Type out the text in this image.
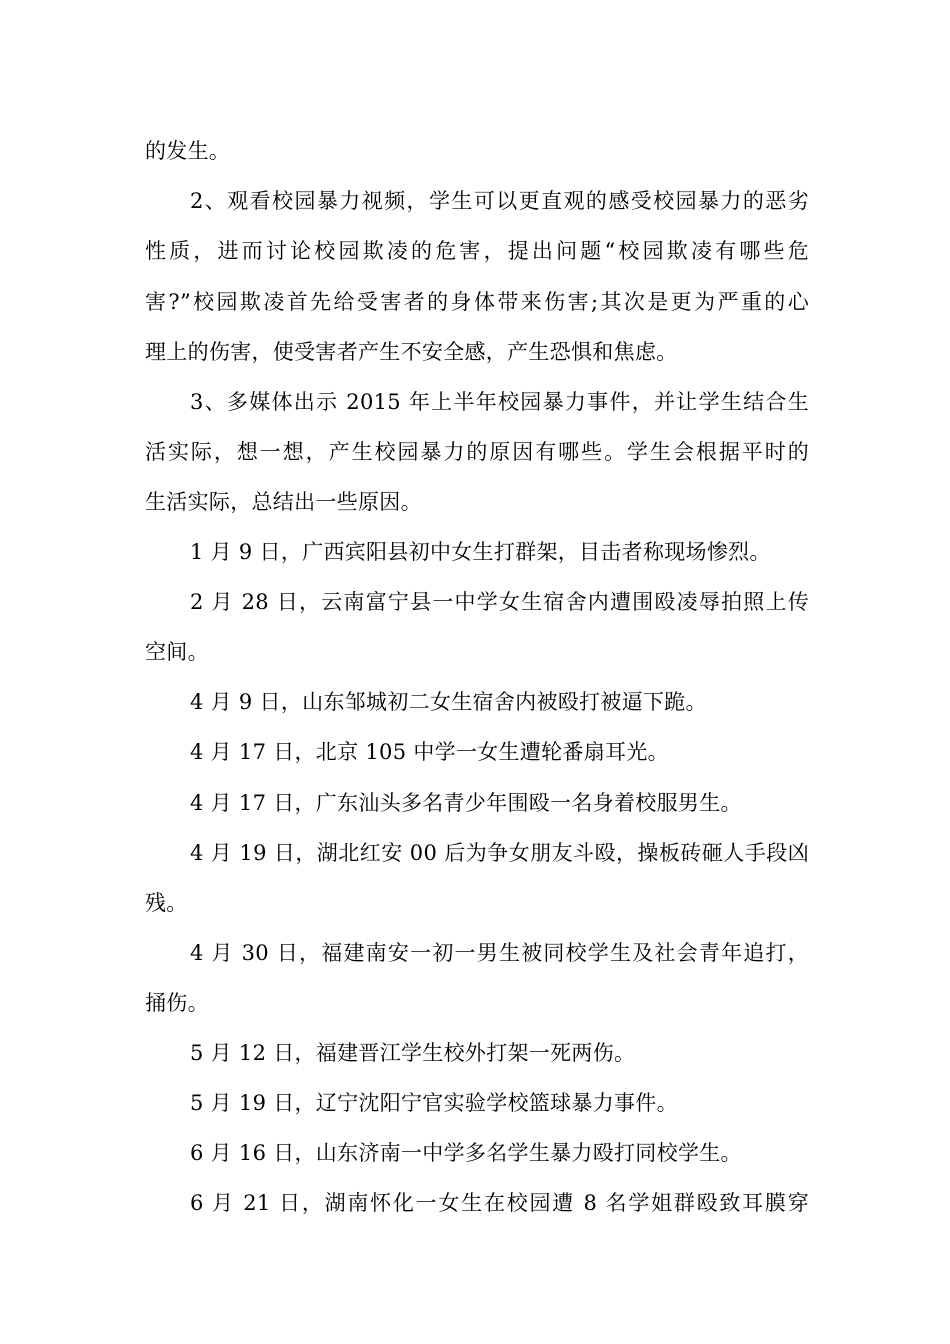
的发生。
2、观看校园暴力视频，学生可以更直观的感受校园暴力的恶劣
性质，进而讨论校园欺凌的危害，提出问题“校园欺凌有哪些危
害?”校园欺凌首先给受害者的身体带来伤害;其次是更为严重的心
理上的伤害，使受害者产生不安全感，产生恐惧和焦虑。
3、多媒体出示 2015 年上半年校园暴力事件，并让学生结合生
活实际，想一想，产生校园暴力的原因有哪些。学生会根据平时的
生活实际，总结出一些原因。
1 月 9 日，广西宾阳县初中女生打群架，目击者称现场惨烈。
2 月 28 日，云南富宁县一中学女生宿舍内遭围殴凌辱拍照上传
空间。
4 月 9 日，山东邹城初二女生宿舍内被殴打被逼下跪。
4 月 17 日，北京 105 中学一女生遭轮番扇耳光。
4 月 17 日，广东汕头多名青少年围殴一名身着校服男生。
4 月 19 日，湖北红安 00 后为争女朋友斗殴，操板砖砸人手段凶
残。
4 月 30 日，福建南安一初一男生被同校学生及社会青年追打，
捅伤。
5 月 12 日，福建晋江学生校外打架一死两伤。
5 月 19 日，辽宁沈阳宁官实验学校篮球暴力事件。
6 月 16 日，山东济南一中学多名学生暴力殴打同校学生。
6 月 21 日，湖南怀化一女生在校园遭 8 名学姐群殴致耳膜穿
